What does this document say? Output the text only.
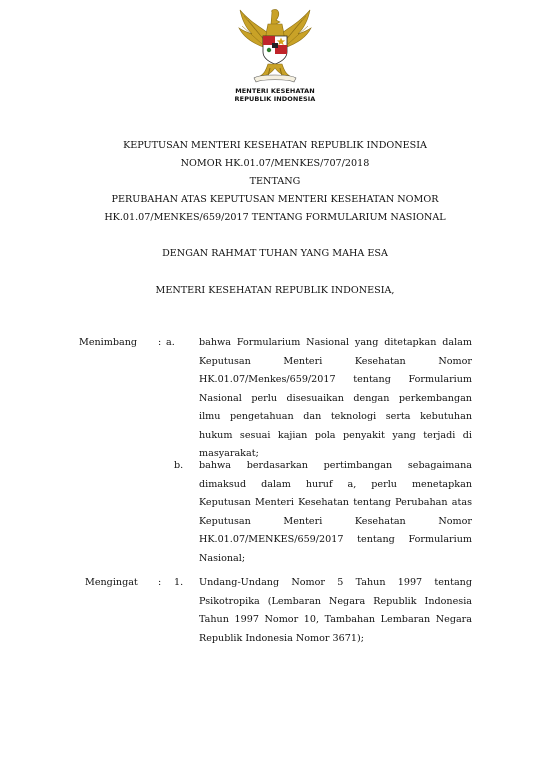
MENTERI KESEHATAN
REPUBLIK INDONESIA
KEPUTUSAN MENTERI KESEHATAN REPUBLIK INDONESIA
NOMOR HK.01.07/MENKES/707/2018
TENTANG
PERUBAHAN ATAS KEPUTUSAN MENTERI KESEHATAN NOMOR
HK.01.07/MENKES/659/2017 TENTANG FORMULARIUM NASIONAL
DENGAN RAHMAT TUHAN YANG MAHA ESA
MENTERI KESEHATAN REPUBLIK INDONESIA,
Menimbang : a.	bahwa Formularium Nasional yang ditetapkan dalam
Keputusan Menteri Kesehatan Nomor
HK.01.07/Menkes/659/2017 tentang Formularium
Nasional perlu disesuaikan dengan perkembangan
ilmu pengetahuan dan teknologi serta kebutuhan
hukum sesuai kajian pola penyakit yang terjadi di
masyarakat;
b. bahwa berdasarkan pertimbangan sebagaimana
dimaksud dalam huruf a, perlu menetapkan
Keputusan Menteri Kesehatan tentang Perubahan atas
Keputusan Menteri Kesehatan Nomor
HK.01.07/MENKES/659/2017 tentang Formularium
Nasional;
Mengingat : 1. Undang-Undang Nomor 5 Tahun 1997 tentang
Psikotropika (Lembaran Negara Republik Indonesia
Tahun 1997 Nomor 10, Tambahan Lembaran Negara
Republik Indonesia Nomor 3671);
